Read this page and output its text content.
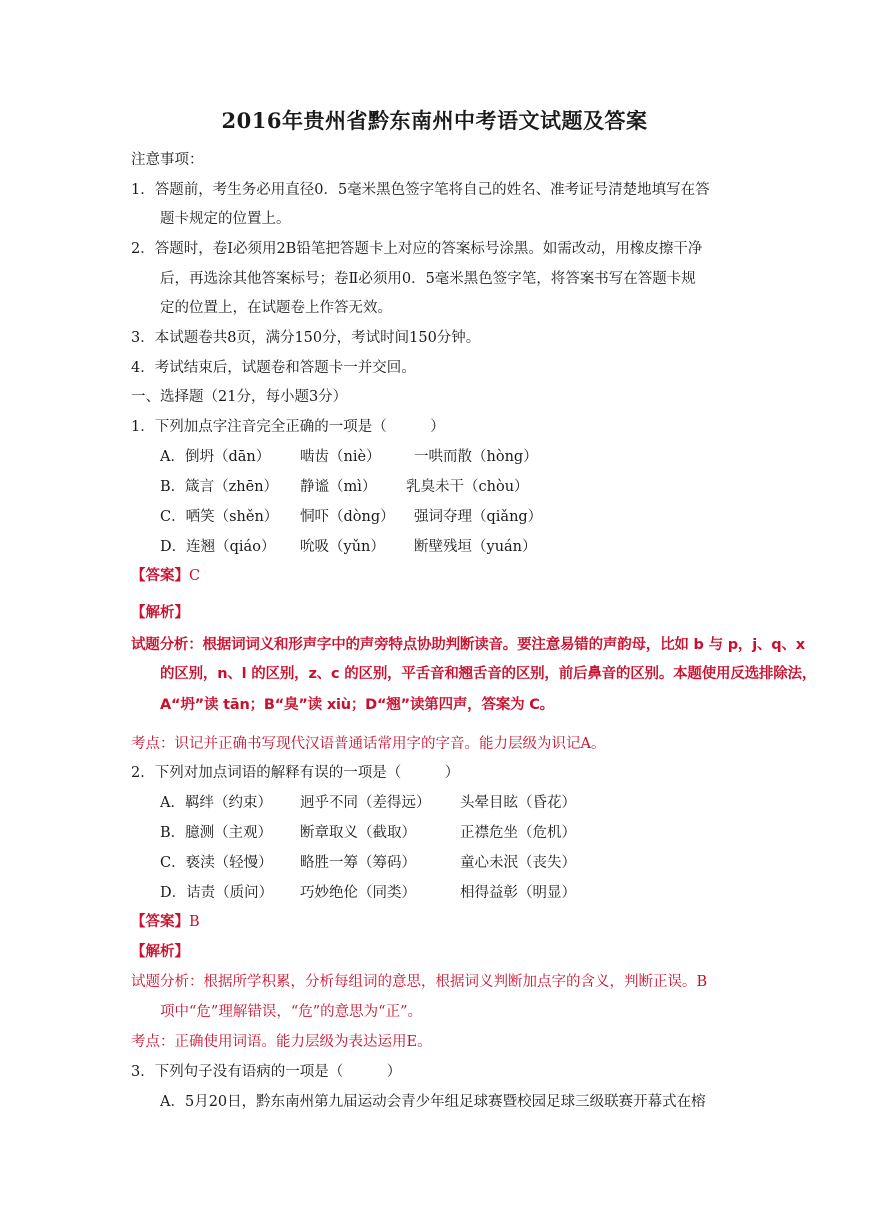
2016年贵州省黔东南州中考语文试题及答案
注意事项：
1．答题前，考生务必用直径0．5毫米黑色签字笔将自己的姓名、准考证号清楚地填写在答
题卡规定的位置上。
2．答题时，卷Ⅰ必须用2B铅笔把答题卡上对应的答案标号涂黑。如需改动，用橡皮擦干净
后，再选涂其他答案标号；卷Ⅱ必须用0．5毫米黑色签字笔，将答案书写在答题卡规
定的位置上，在试题卷上作答无效。
3．本试题卷共8页，满分150分，考试时间150分钟。
4．考试结束后，试题卷和答题卡一并交回。
一、选择题（21分，每小题3分）
1．下列加点字注音完全正确的一项是（　　　）
A．倒坍（dān） 啮齿（niè） 一哄而散（hòng）
B．箴言（zhēn） 静谧（mì） 乳臭未干（chòu）
C．哂笑（shěn） 恫吓（dòng） 强词夺理（qiǎng）
D．连翘（qiáo） 吮吸（yǔn） 断壁残垣（yuán）
【答案】C
【解析】
试题分析：根据词词义和形声字中的声旁特点协助判断读音。要注意易错的声韵母，比如 b 与 p，j、q、x
的区别，n、l 的区别，z、c 的区别，平舌音和翘舌音的区别，前后鼻音的区别。本题使用反选排除法，
A“坍”读 tān；B“臭”读 xiù；D“翘”读第四声，答案为 C。
考点：识记并正确书写现代汉语普通话常用字的字音。能力层级为识记A。
2．下列对加点词语的解释有误的一项是（　　　）
A．羁绊（约束） 迥乎不同（差得远） 头晕目眩（昏花）
B．臆测（主观） 断章取义（截取）	正襟危坐（危机）
C．亵渎（轻慢） 略胜一筹（筹码）	童心未泯（丧失）
D．诘责（质问） 巧妙绝伦（同类）	相得益彰（明显）
【答案】B
【解析】
试题分析：根据所学积累，分析每组词的意思，根据词义判断加点字的含义，判断正误。B
项中“危”理解错误，“危”的意思为“正”。
考点：正确使用词语。能力层级为表达运用E。
3．下列句子没有语病的一项是（　　　）
A．5月20日，黔东南州第九届运动会青少年组足球赛暨校园足球三级联赛开幕式在榕
